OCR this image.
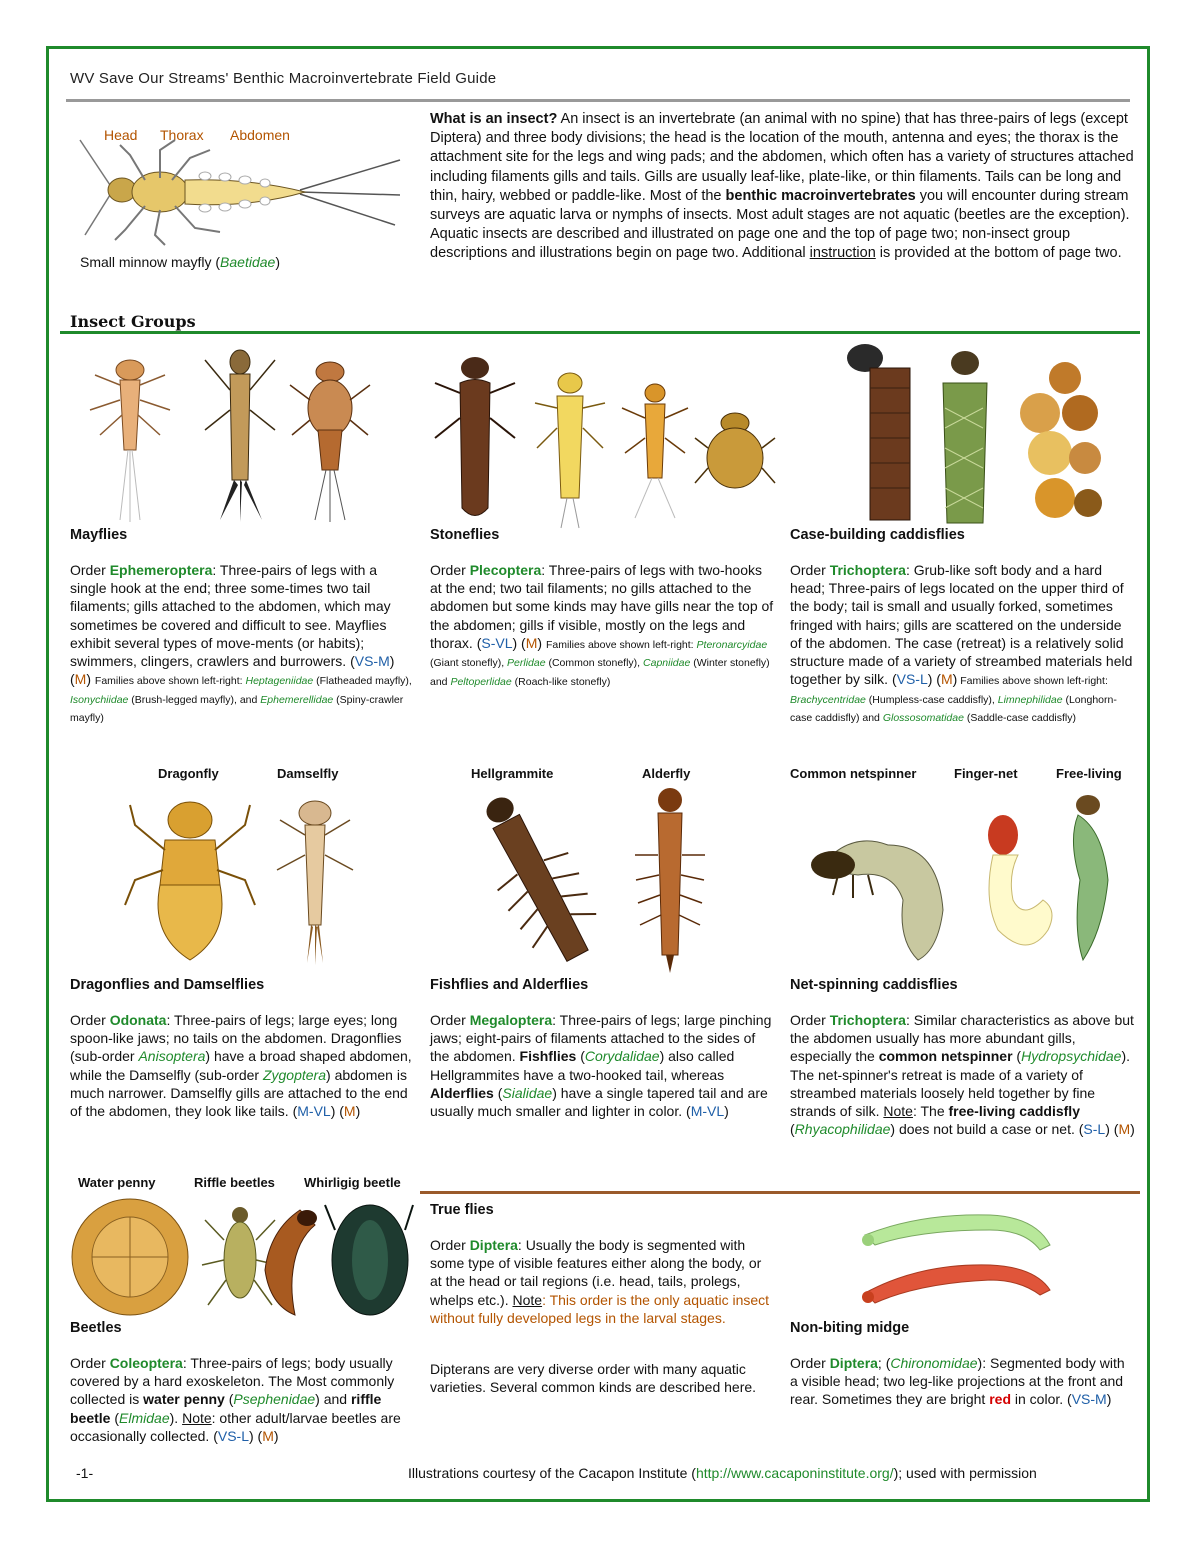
WV Save Our Streams' Benthic Macroinvertebrate Field Guide
Head Thorax Abdomen
Small minnow mayfly (Baetidae)
What is an insect? An insect is an invertebrate (an animal with no spine) that has three-pairs of legs (except Diptera) and three body divisions; the head is the location of the mouth, antenna and eyes; the thorax is the attachment site for the legs and wing pads; and the abdomen, which often has a variety of structures attached including filaments gills and tails. Gills are usually leaf-like, plate-like, or thin filaments. Tails can be long and thin, hairy, webbed or paddle-like. Most of the benthic macroinvertebrates you will encounter during stream surveys are aquatic larva or nymphs of insects. Most adult stages are not aquatic (beetles are the exception). Aquatic insects are described and illustrated on page one and the top of page two; non-insect group descriptions and illustrations begin on page two. Additional instruction is provided at the bottom of page two.
Insect Groups
Mayflies
Order Ephemeroptera: Three-pairs of legs with a single hook at the end; three some-times two tail filaments; gills attached to the abdomen, which may sometimes be covered and difficult to see. Mayflies exhibit several types of move-ments (or habits); swimmers, clingers, crawlers and burrowers. (VS-M) (M) Families above shown left-right: Heptageniidae (Flatheaded mayfly), Isonychiidae (Brush-legged mayfly), and Ephemerellidae (Spiny-crawler mayfly)
Stoneflies
Order Plecoptera: Three-pairs of legs with two-hooks at the end; two tail filaments; no gills attached to the abdomen but some kinds may have gills near the top of the abdomen; gills if visible, mostly on the legs and thorax. (S-VL) (M) Families above shown left-right: Pteronarcyidae (Giant stonefly), Perlidae (Common stonefly), Capniidae (Winter stonefly) and Peltoperlidae (Roach-like stonefly)
Case-building caddisflies
Order Trichoptera: Grub-like soft body and a hard head; Three-pairs of legs located on the upper third of the body; tail is small and usually forked, sometimes fringed with hairs; gills are scattered on the underside of the abdomen. The case (retreat) is a relatively solid structure made of a variety of streambed materials held together by silk. (VS-L) (M) Families above shown left-right: Brachycentridae (Humpless-case caddisfly), Limnephilidae (Longhorn-case caddisfly) and Glossosomatidae (Saddle-case caddisfly)
Dragonfly	Damselfly	Hellgrammite	Alderfly	Common netspinner	Finger-net	Free-living
Dragonflies and Damselflies
Order Odonata: Three-pairs of legs; large eyes; long spoon-like jaws; no tails on the abdomen. Dragonflies (sub-order Anisoptera) have a broad shaped abdomen, while the Damselfly (sub-order Zygoptera) abdomen is much narrower. Damselfly gills are attached to the end of the abdomen, they look like tails. (M-VL) (M)
Fishflies and Alderflies
Order Megaloptera: Three-pairs of legs; large pinching jaws; eight-pairs of filaments attached to the sides of the abdomen. Fishflies (Corydalidae) also called Hellgrammites have a two-hooked tail, whereas Alderflies (Sialidae) have a single tapered tail and are usually much smaller and lighter in color. (M-VL)
Net-spinning caddisflies
Order Trichoptera: Similar characteristics as above but the abdomen usually has more abundant gills, especially the common netspinner (Hydropsychidae). The net-spinner's retreat is made of a variety of streambed materials loosely held together by fine strands of silk. Note: The free-living caddisfly (Rhyacophilidae) does not build a case or net. (S-L) (M)
Water penny	Riffle beetles Whirligig beetle
Beetles
Order Coleoptera: Three-pairs of legs; body usually covered by a hard exoskeleton. The Most commonly collected is water penny (Psephenidae) and riffle beetle (Elmidae). Note: other adult/larvae beetles are occasionally collected. (VS-L) (M)
True flies
Order Diptera: Usually the body is segmented with some type of visible features either along the body, or at the head or tail regions (i.e. head, tails, prolegs, whelps etc.). Note: This order is the only aquatic insect without fully developed legs in the larval stages.
Dipterans are very diverse order with many aquatic varieties. Several common kinds are described here.
Non-biting midge
Order Diptera; (Chironomidae): Segmented body with a visible head; two leg-like projections at the front and rear. Sometimes they are bright red in color. (VS-M)
-1-	Illustrations courtesy of the Cacapon Institute (http://www.cacaponinstitute.org/); used with permission
